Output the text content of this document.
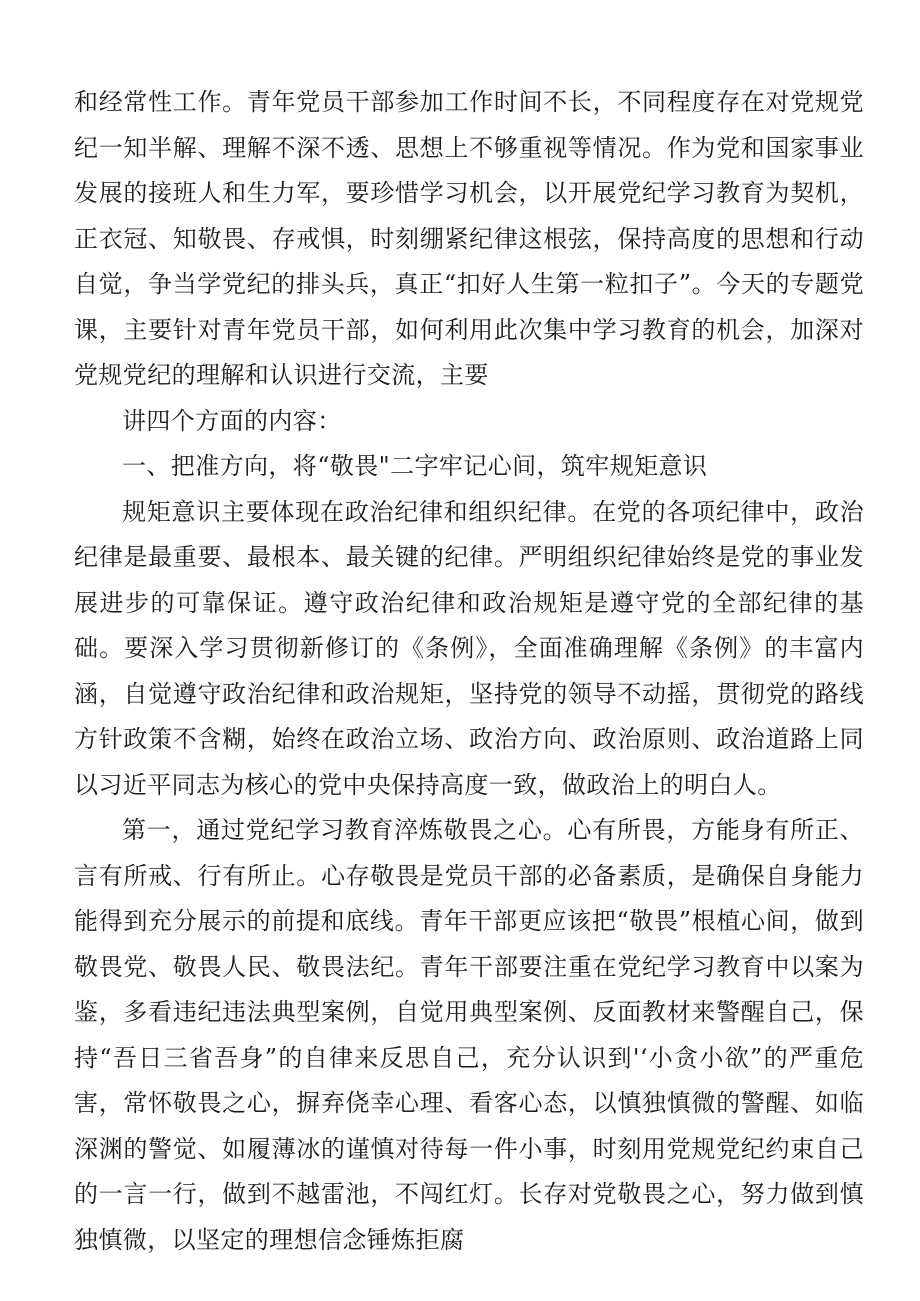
和经常性工作。青年党员干部参加工作时间不长，不同程度存在对党规党纪一知半解、理解不深不透、思想上不够重视等情况。作为党和国家事业发展的接班人和生力军，要珍惜学习机会，以开展党纪学习教育为契机，正衣冠、知敬畏、存戒惧，时刻绷紧纪律这根弦，保持高度的思想和行动自觉，争当学党纪的排头兵，真正“扣好人生第一粒扣子”。今天的专题党课，主要针对青年党员干部，如何利用此次集中学习教育的机会，加深对党规党纪的理解和认识进行交流，主要

讲四个方面的内容：

一、把准方向，将“敬畏"二字牢记心间，筑牢规矩意识

规矩意识主要体现在政治纪律和组织纪律。在党的各项纪律中，政治纪律是最重要、最根本、最关键的纪律。严明组织纪律始终是党的事业发展进步的可靠保证。遵守政治纪律和政治规矩是遵守党的全部纪律的基础。要深入学习贯彻新修订的《条例》，全面准确理解《条例》的丰富内涵，自觉遵守政治纪律和政治规矩，坚持党的领导不动摇，贯彻党的路线方针政策不含糊，始终在政治立场、政治方向、政治原则、政治道路上同以习近平同志为核心的党中央保持高度一致，做政治上的明白人。

第一，通过党纪学习教育淬炼敬畏之心。心有所畏，方能身有所正、言有所戒、行有所止。心存敬畏是党员干部的必备素质，是确保自身能力能得到充分展示的前提和底线。青年干部更应该把“敬畏”根植心间，做到敬畏党、敬畏人民、敬畏法纪。青年干部要注重在党纪学习教育中以案为鉴，多看违纪违法典型案例，自觉用典型案例、反面教材来警醒自己，保持“吾日三省吾身”的自律来反思自己，充分认识到'‘小贪小欲”的严重危害，常怀敬畏之心，摒弃侥幸心理、看客心态，以慎独慎微的警醒、如临深渊的警觉、如履薄冰的谨慎对待每一件小事，时刻用党规党纪约束自己的一言一行，做到不越雷池，不闯红灯。长存对党敬畏之心，努力做到慎独慎微，以坚定的理想信念锤炼拒腐
